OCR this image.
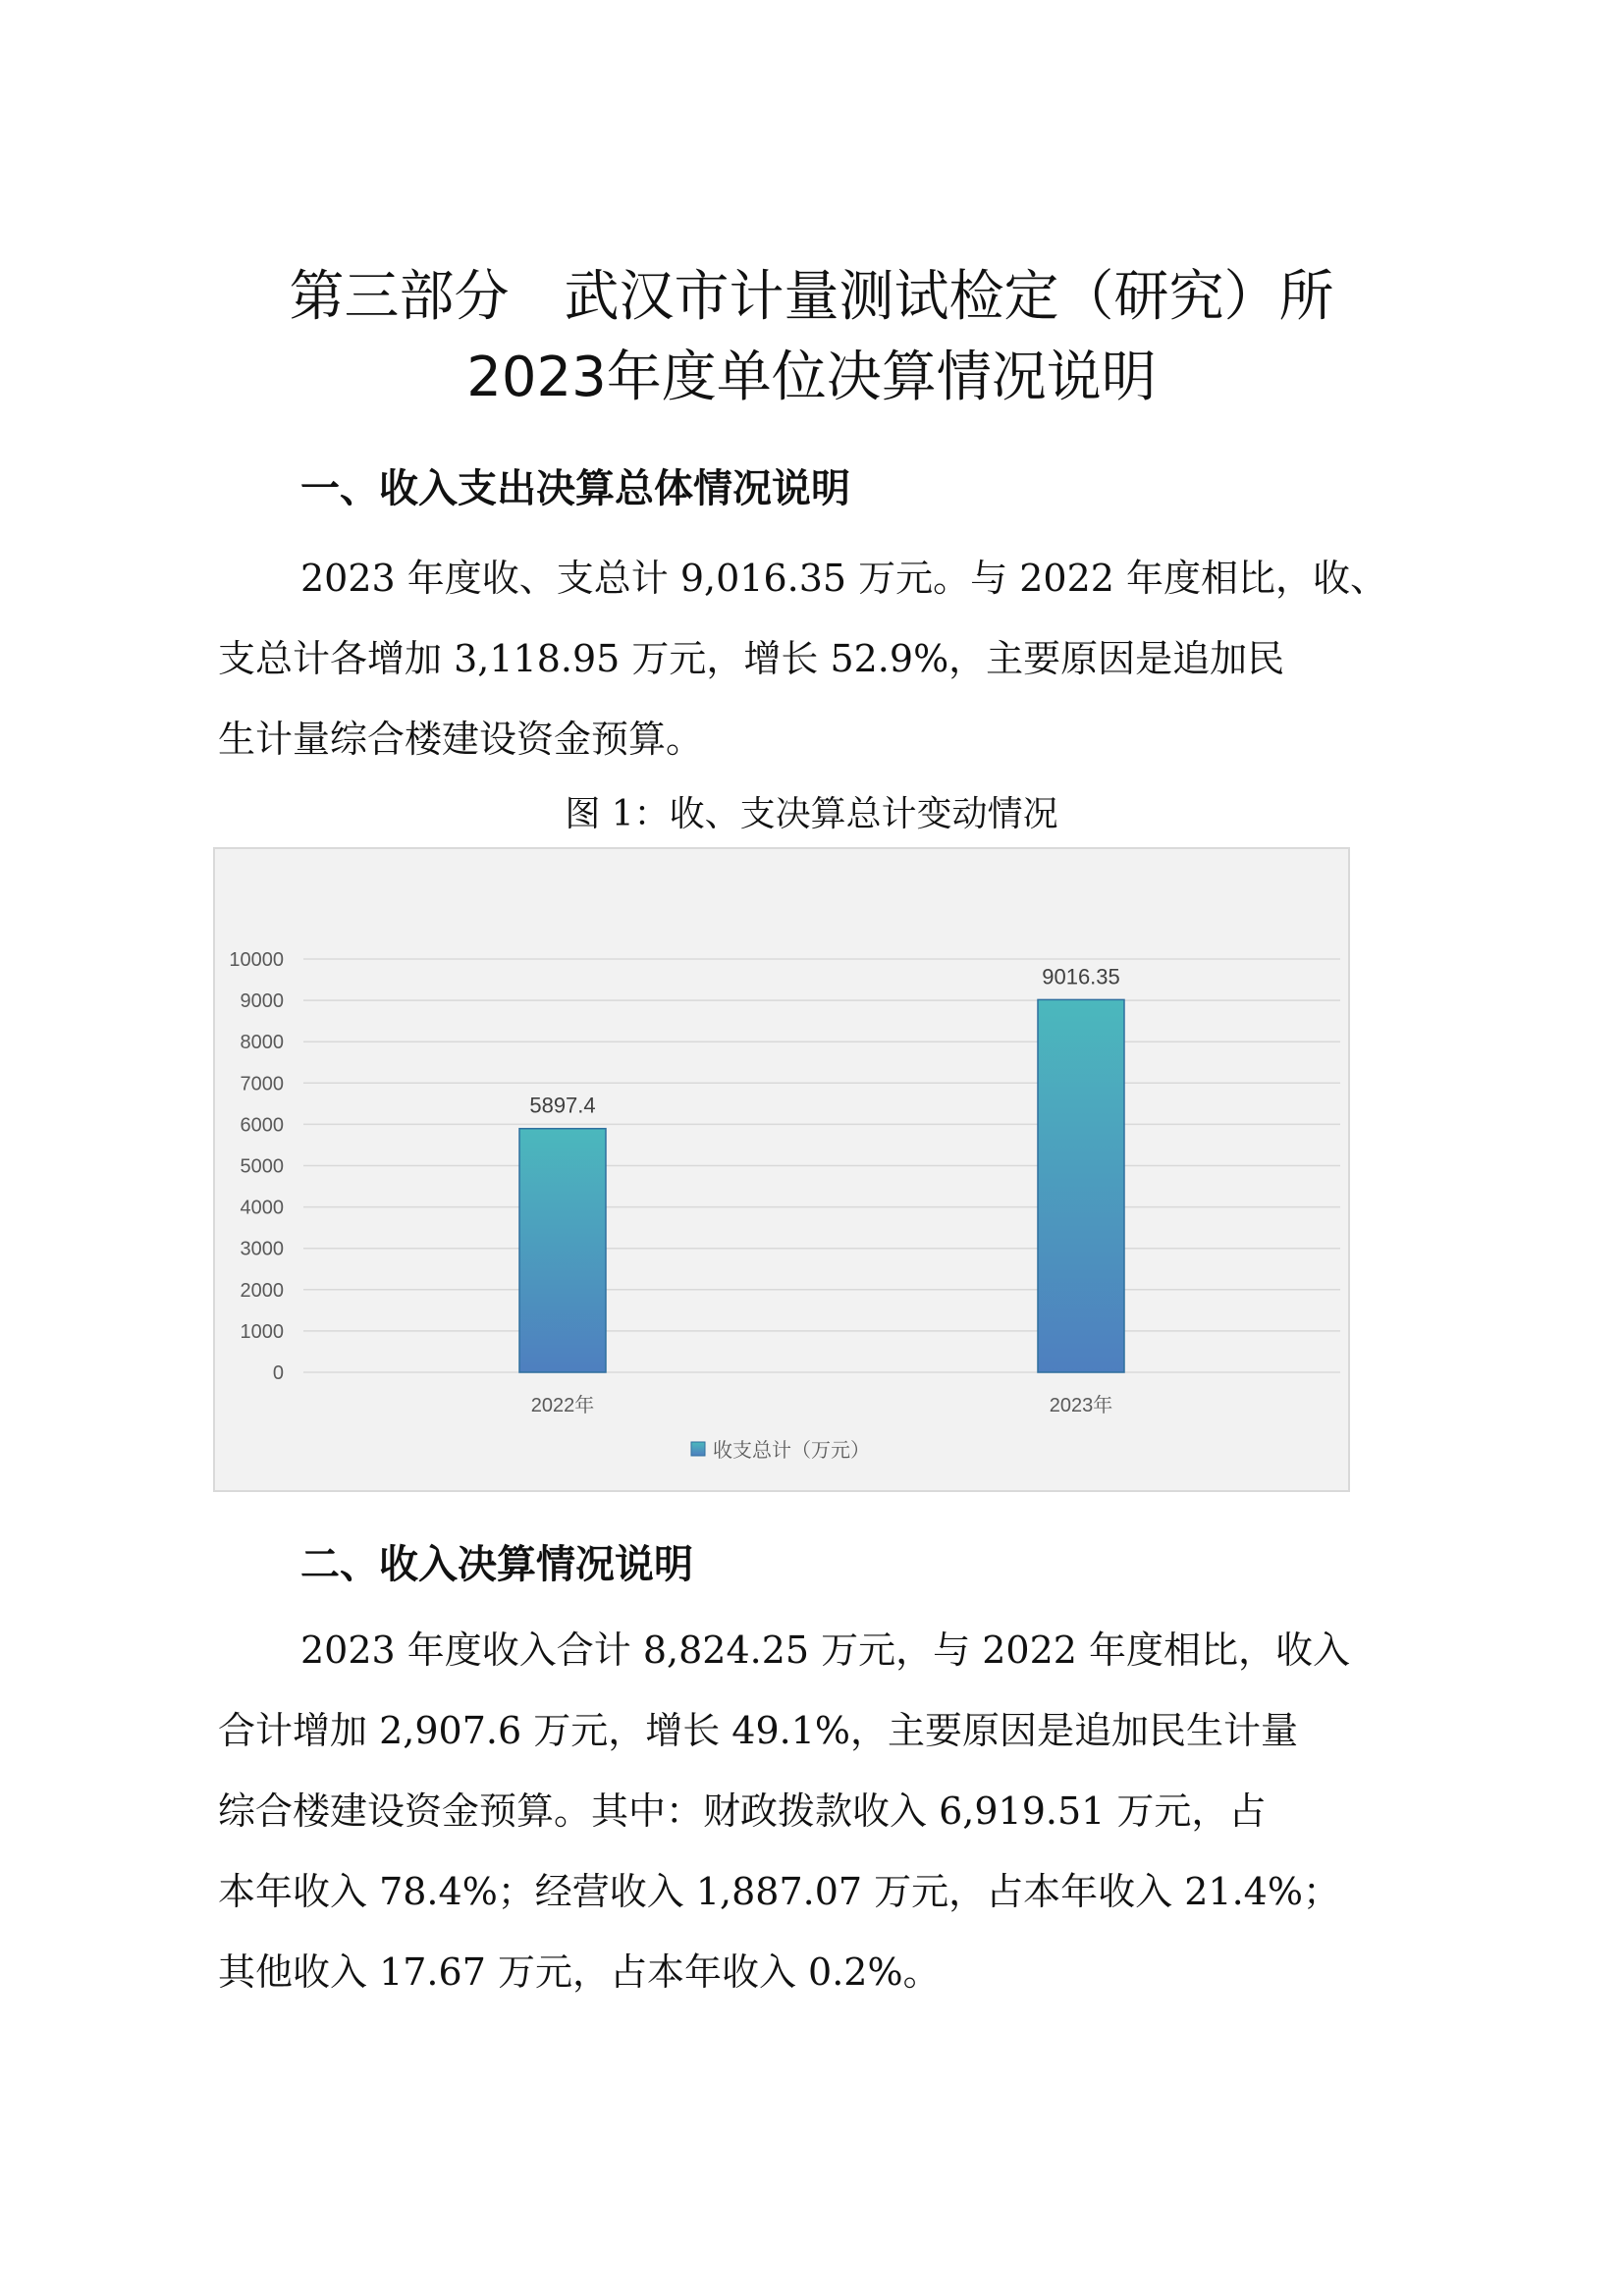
第三部分 武汉市计量测试检定（研究）所
2023年度单位决算情况说明
一、收入支出决算总体情况说明
2023 年度收、支总计 9,016.35 万元。与 2022 年度相比，收、
支总计各增加 3,118.95 万元，增长 52.9%，主要原因是追加民
生计量综合楼建设资金预算。
图 1：收、支决算总计变动情况
0
1000
2000
3000
4000
5000
6000
7000
8000
9000
10000
5897.4
9016.35
2022年	2023年
收支总计（万元）
二、收入决算情况说明
2023 年度收入合计 8,824.25 万元，与 2022 年度相比，收入
合计增加 2,907.6 万元，增长 49.1%，主要原因是追加民生计量
综合楼建设资金预算。其中：财政拨款收入 6,919.51 万元，占
本年收入 78.4%；经营收入 1,887.07 万元，占本年收入 21.4%；
其他收入 17.67 万元，占本年收入 0.2%。
